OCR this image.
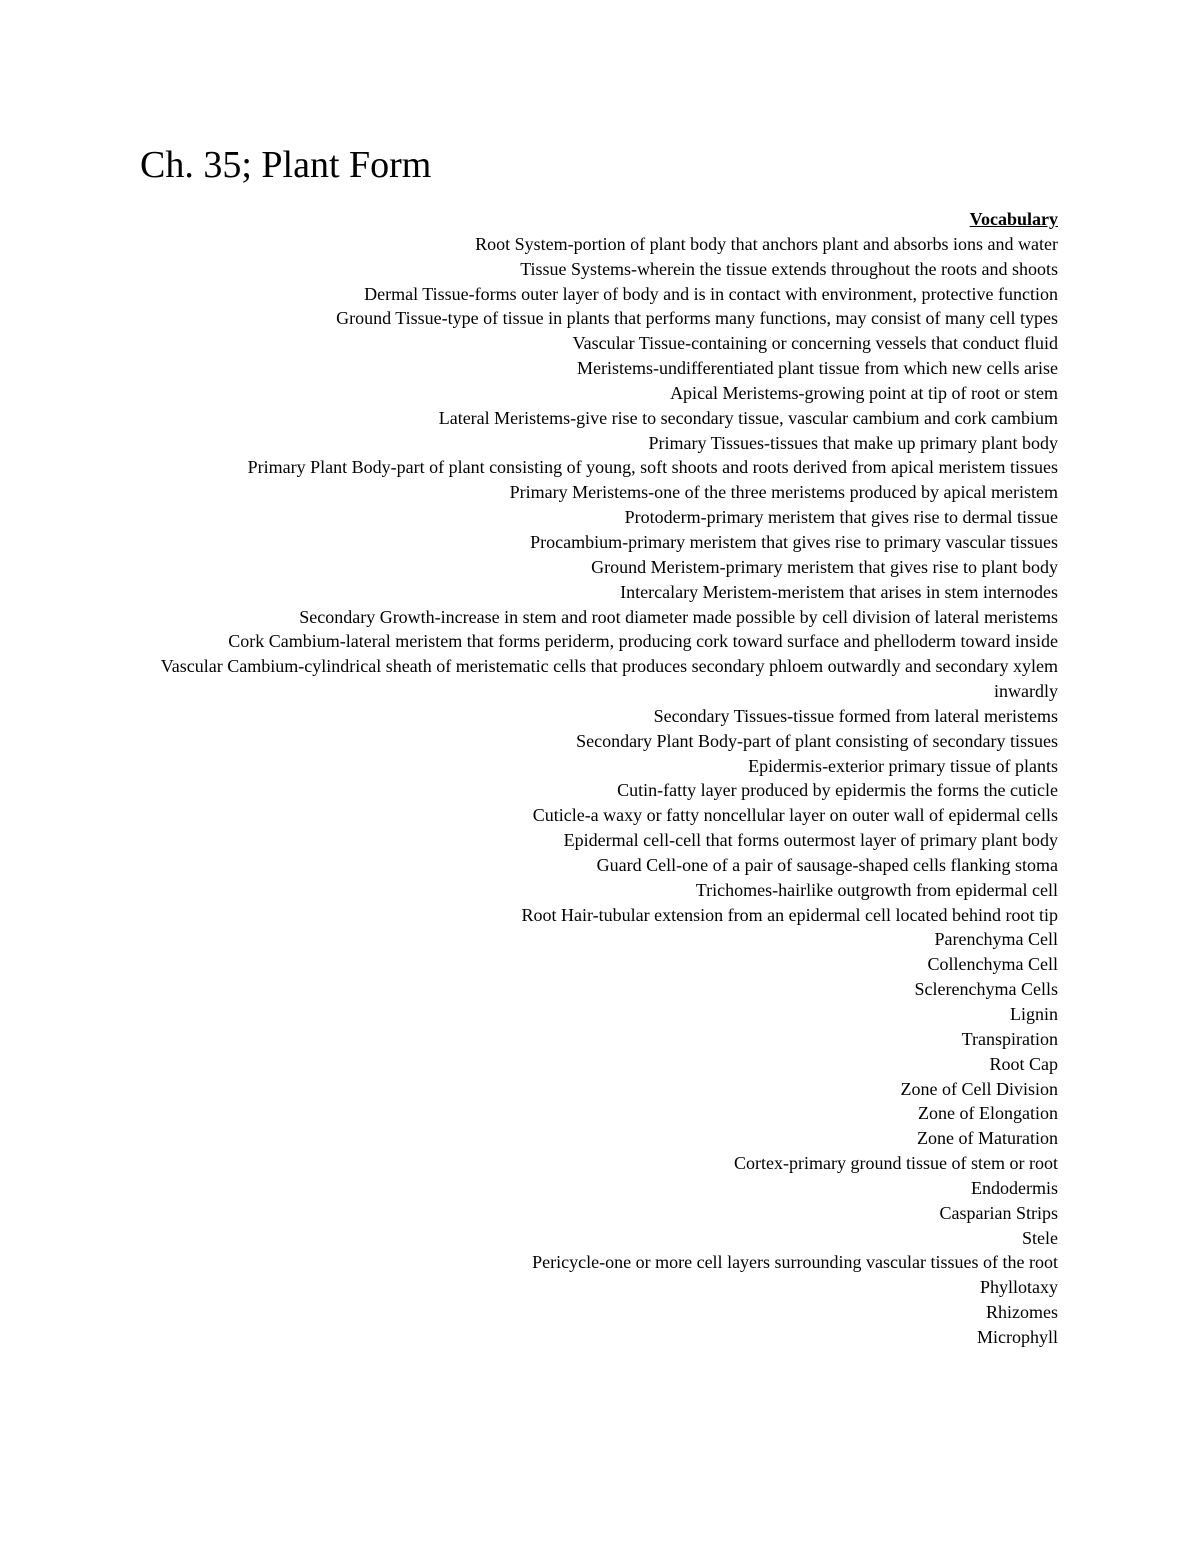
Ch. 35; Plant Form

Vocabulary

Root System-portion of plant body that anchors plant and absorbs ions and water
Tissue Systems-wherein the tissue extends throughout the roots and shoots
Dermal Tissue-forms outer layer of body and is in contact with environment, protective function
Ground Tissue-type of tissue in plants that performs many functions, may consist of many cell types
Vascular Tissue-containing or concerning vessels that conduct fluid
Meristems-undifferentiated plant tissue from which new cells arise
Apical Meristems-growing point at tip of root or stem
Lateral Meristems-give rise to secondary tissue, vascular cambium and cork cambium
Primary Tissues-tissues that make up primary plant body
Primary Plant Body-part of plant consisting of young, soft shoots and roots derived from apical meristem tissues
Primary Meristems-one of the three meristems produced by apical meristem
Protoderm-primary meristem that gives rise to dermal tissue
Procambium-primary meristem that gives rise to primary vascular tissues
Ground Meristem-primary meristem that gives rise to plant body
Intercalary Meristem-meristem that arises in stem internodes
Secondary Growth-increase in stem and root diameter made possible by cell division of lateral meristems
Cork Cambium-lateral meristem that forms periderm, producing cork toward surface and phelloderm toward inside
Vascular Cambium-cylindrical sheath of meristematic cells that produces secondary phloem outwardly and secondary xylem inwardly
Secondary Tissues-tissue formed from lateral meristems
Secondary Plant Body-part of plant consisting of secondary tissues
Epidermis-exterior primary tissue of plants
Cutin-fatty layer produced by epidermis the forms the cuticle
Cuticle-a waxy or fatty noncellular layer on outer wall of epidermal cells
Epidermal cell-cell that forms outermost layer of primary plant body
Guard Cell-one of a pair of sausage-shaped cells flanking stoma
Trichomes-hairlike outgrowth from epidermal cell
Root Hair-tubular extension from an epidermal cell located behind root tip
Parenchyma Cell
Collenchyma Cell
Sclerenchyma Cells
Lignin
Transpiration
Root Cap
Zone of Cell Division
Zone of Elongation
Zone of Maturation
Cortex-primary ground tissue of stem or root
Endodermis
Casparian Strips
Stele
Pericycle-one or more cell layers surrounding vascular tissues of the root
Phyllotaxy
Rhizomes
Microphyll
